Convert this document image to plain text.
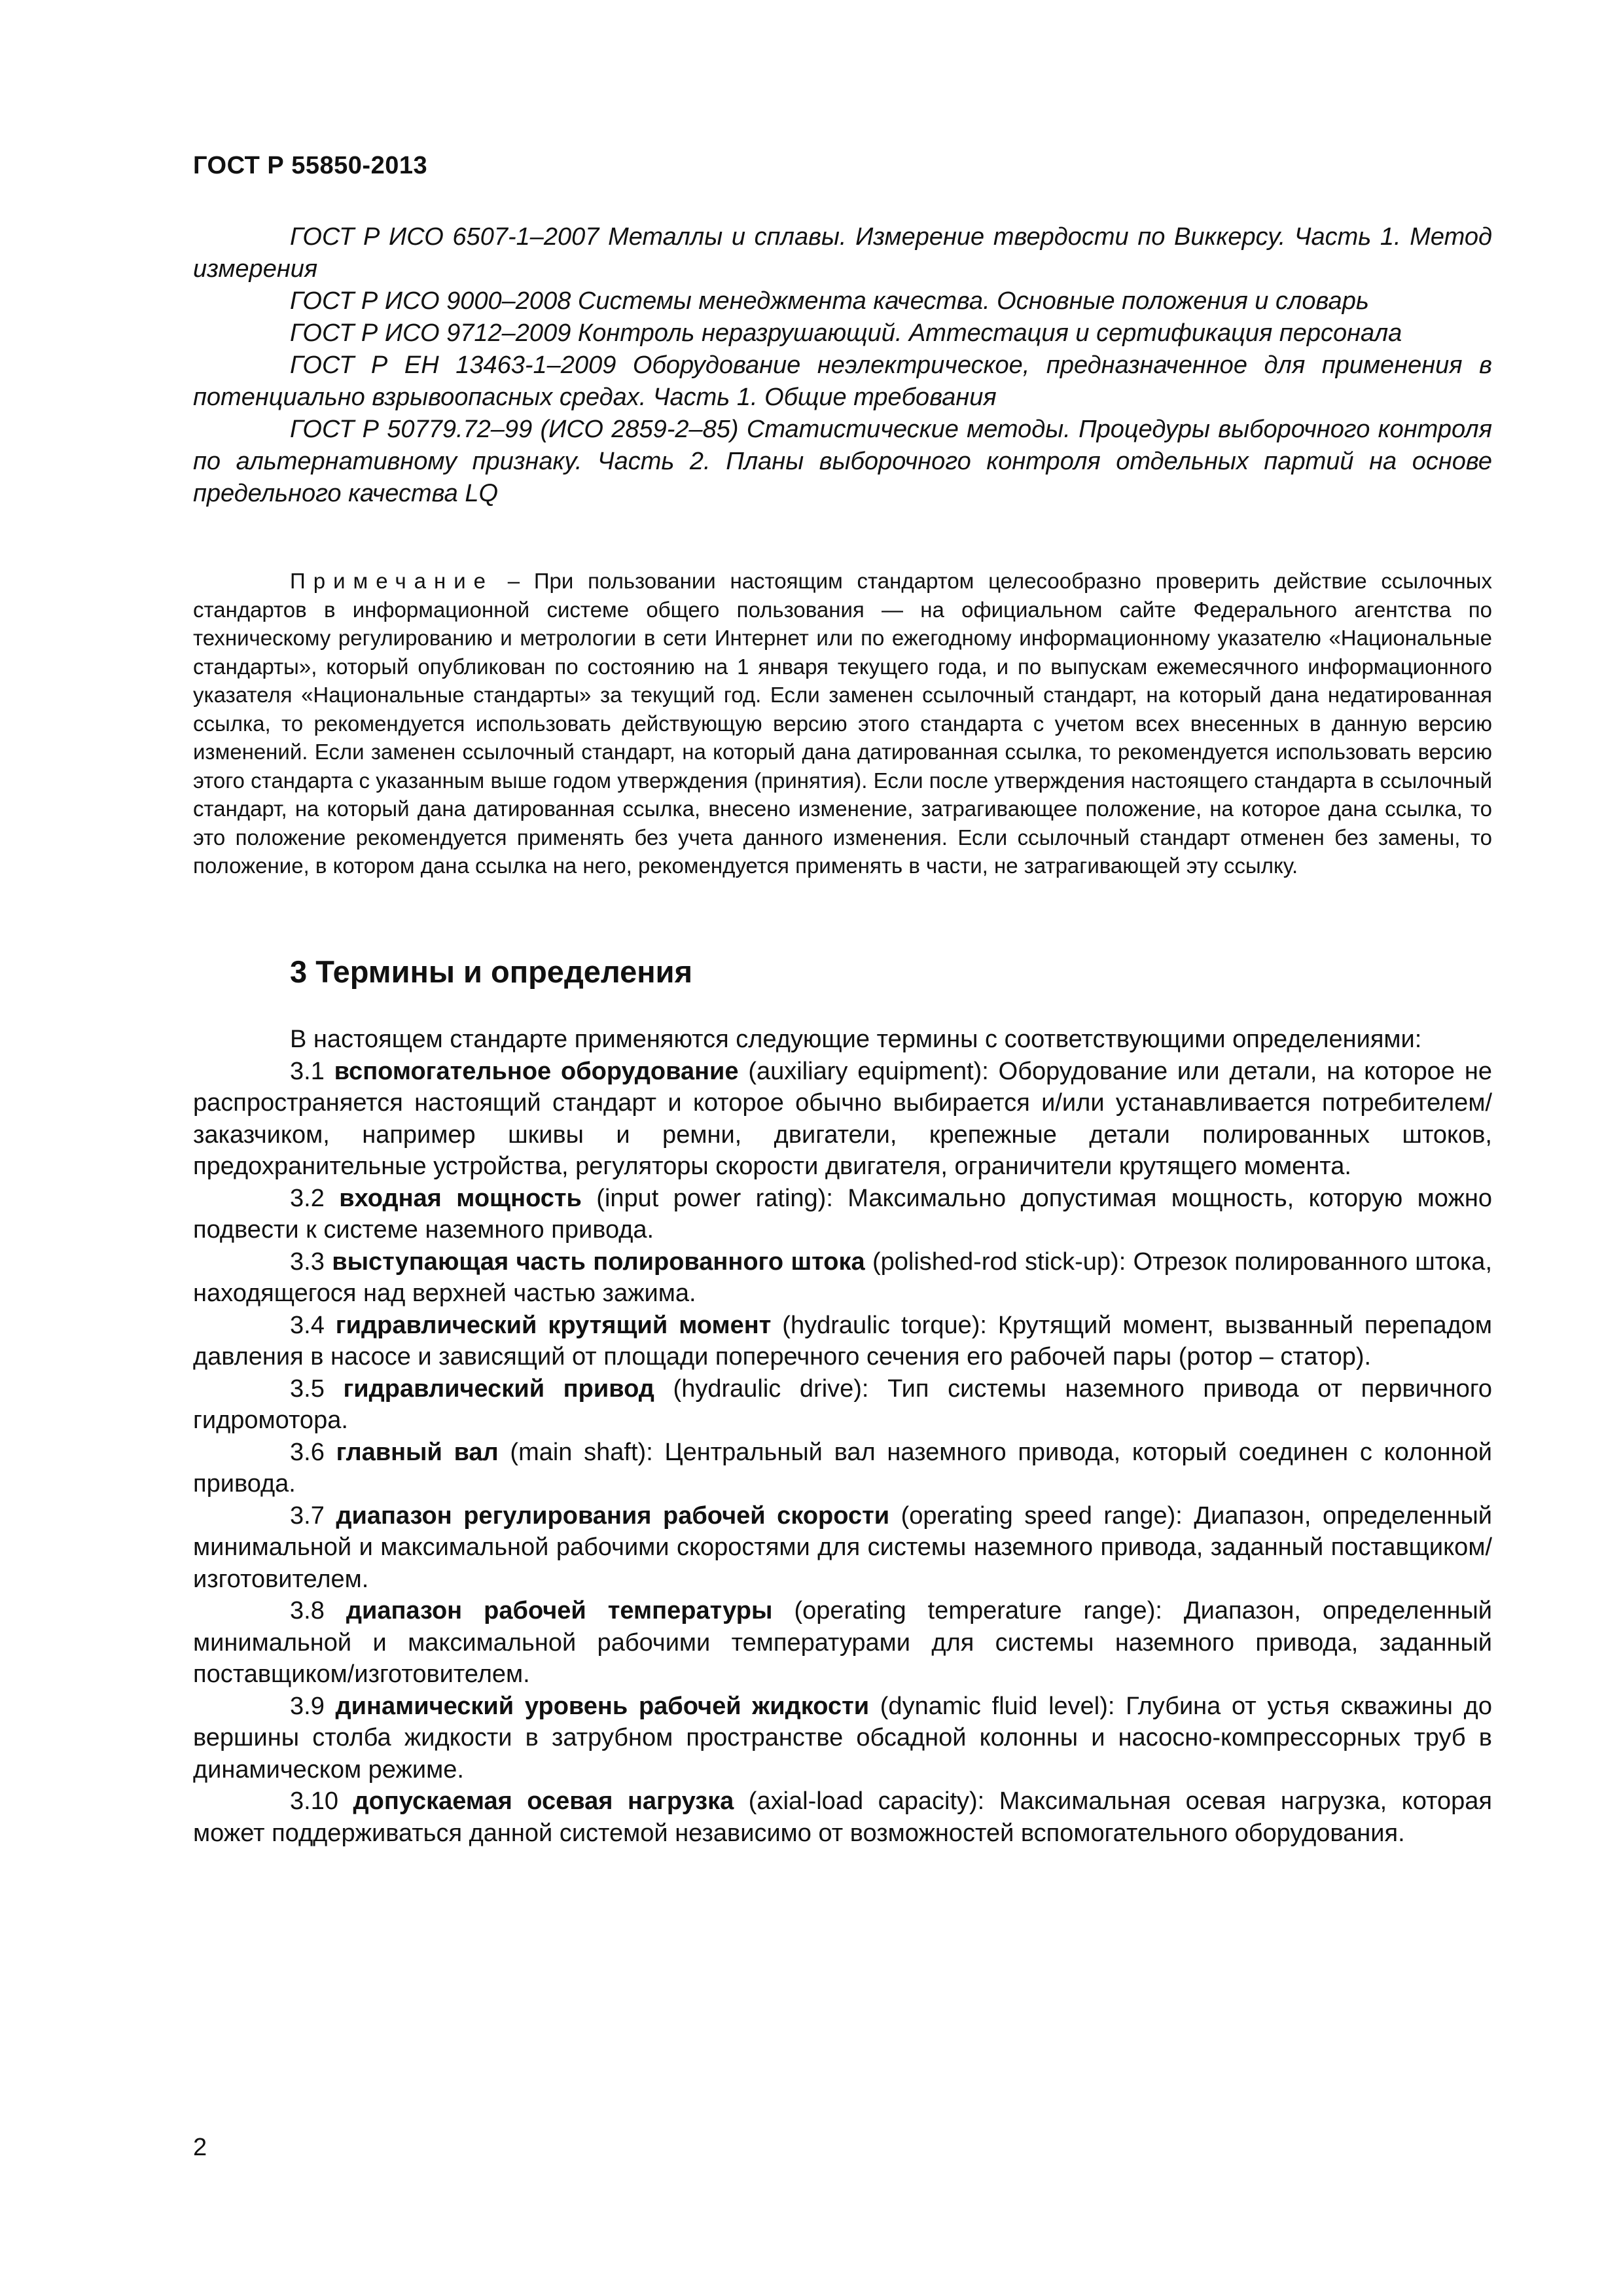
ГОСТ Р 55850-2013

ГОСТ Р ИСО 6507-1–2007 Металлы и сплавы. Измерение твердости по Виккерсу. Часть 1. Метод измерения

ГОСТ Р ИСО 9000–2008 Системы менеджмента качества. Основные положения и словарь

ГОСТ Р ИСО 9712–2009 Контроль неразрушающий. Аттестация и сертификация персонала

ГОСТ Р ЕН 13463-1–2009 Оборудование неэлектрическое, предназначенное для применения в потенциально взрывоопасных средах. Часть 1. Общие требования

ГОСТ Р 50779.72–99 (ИСО 2859-2–85) Статистические методы. Процедуры выборочного контроля по альтернативному признаку. Часть 2. Планы выборочного контроля отдельных партий на основе предельного качества LQ

Примечание – При пользовании настоящим стандартом целесообразно проверить действие ссылочных стандартов в информационной системе общего пользования — на официальном сайте Федерального агентства по техническому регулированию и метрологии в сети Интернет или по ежегодному информационному указателю «Национальные стандарты», который опубликован по состоянию на 1 января текущего года, и по выпускам ежемесячного информационного указателя «Национальные стандарты» за текущий год. Если заменен ссылочный стандарт, на который дана недатированная ссылка, то рекомендуется использовать действующую версию этого стандарта с учетом всех внесенных в данную версию изменений. Если заменен ссылочный стандарт, на который дана датированная ссылка, то рекомендуется использовать версию этого стандарта с указанным выше годом утверждения (принятия). Если после утверждения настоящего стандарта в ссылочный стандарт, на который дана датированная ссылка, внесено изменение, затрагивающее положение, на которое дана ссылка, то это положение рекомендуется применять без учета данного изменения. Если ссылочный стандарт отменен без замены, то положение, в котором дана ссылка на него, рекомендуется применять в части, не затрагивающей эту ссылку.
3 Термины и определения

В настоящем стандарте применяются следующие термины с соответствующими определениями:

3.1 вспомогательное оборудование (auxiliary equipment): Оборудование или детали, на которое не распространяется настоящий стандарт и которое обычно выбирается и/или устанавливается потребителем/заказчиком, например шкивы и ремни, двигатели, крепежные детали полированных штоков, предохранительные устройства, регуляторы скорости двигателя, ограничители крутящего момента.

3.2 входная мощность (input power rating): Максимально допустимая мощность, которую можно подвести к системе наземного привода.

3.3 выступающая часть полированного штока (polished-rod stick-up): Отрезок полированного штока, находящегося над верхней частью зажима.

3.4 гидравлический крутящий момент (hydraulic torque): Крутящий момент, вызванный перепадом давления в насосе и зависящий от площади поперечного сечения его рабочей пары (ротор – статор).

3.5 гидравлический привод (hydraulic drive): Тип системы наземного привода от первичного гидромотора.

3.6 главный вал (main shaft): Центральный вал наземного привода, который соединен с колонной привода.

3.7 диапазон регулирования рабочей скорости (operating speed range): Диапазон, определенный минимальной и максимальной рабочими скоростями для системы наземного привода, заданный поставщиком/изготовителем.

3.8 диапазон рабочей температуры (operating temperature range): Диапазон, определенный минимальной и максимальной рабочими температурами для системы наземного привода, заданный поставщиком/изготовителем.

3.9 динамический уровень рабочей жидкости (dynamic fluid level): Глубина от устья скважины до вершины столба жидкости в затрубном пространстве обсадной колонны и насосно-компрессорных труб в динамическом режиме.

3.10 допускаемая осевая нагрузка (axial-load capacity): Максимальная осевая нагрузка, которая может поддерживаться данной системой независимо от возможностей вспомогательного оборудования.

2
